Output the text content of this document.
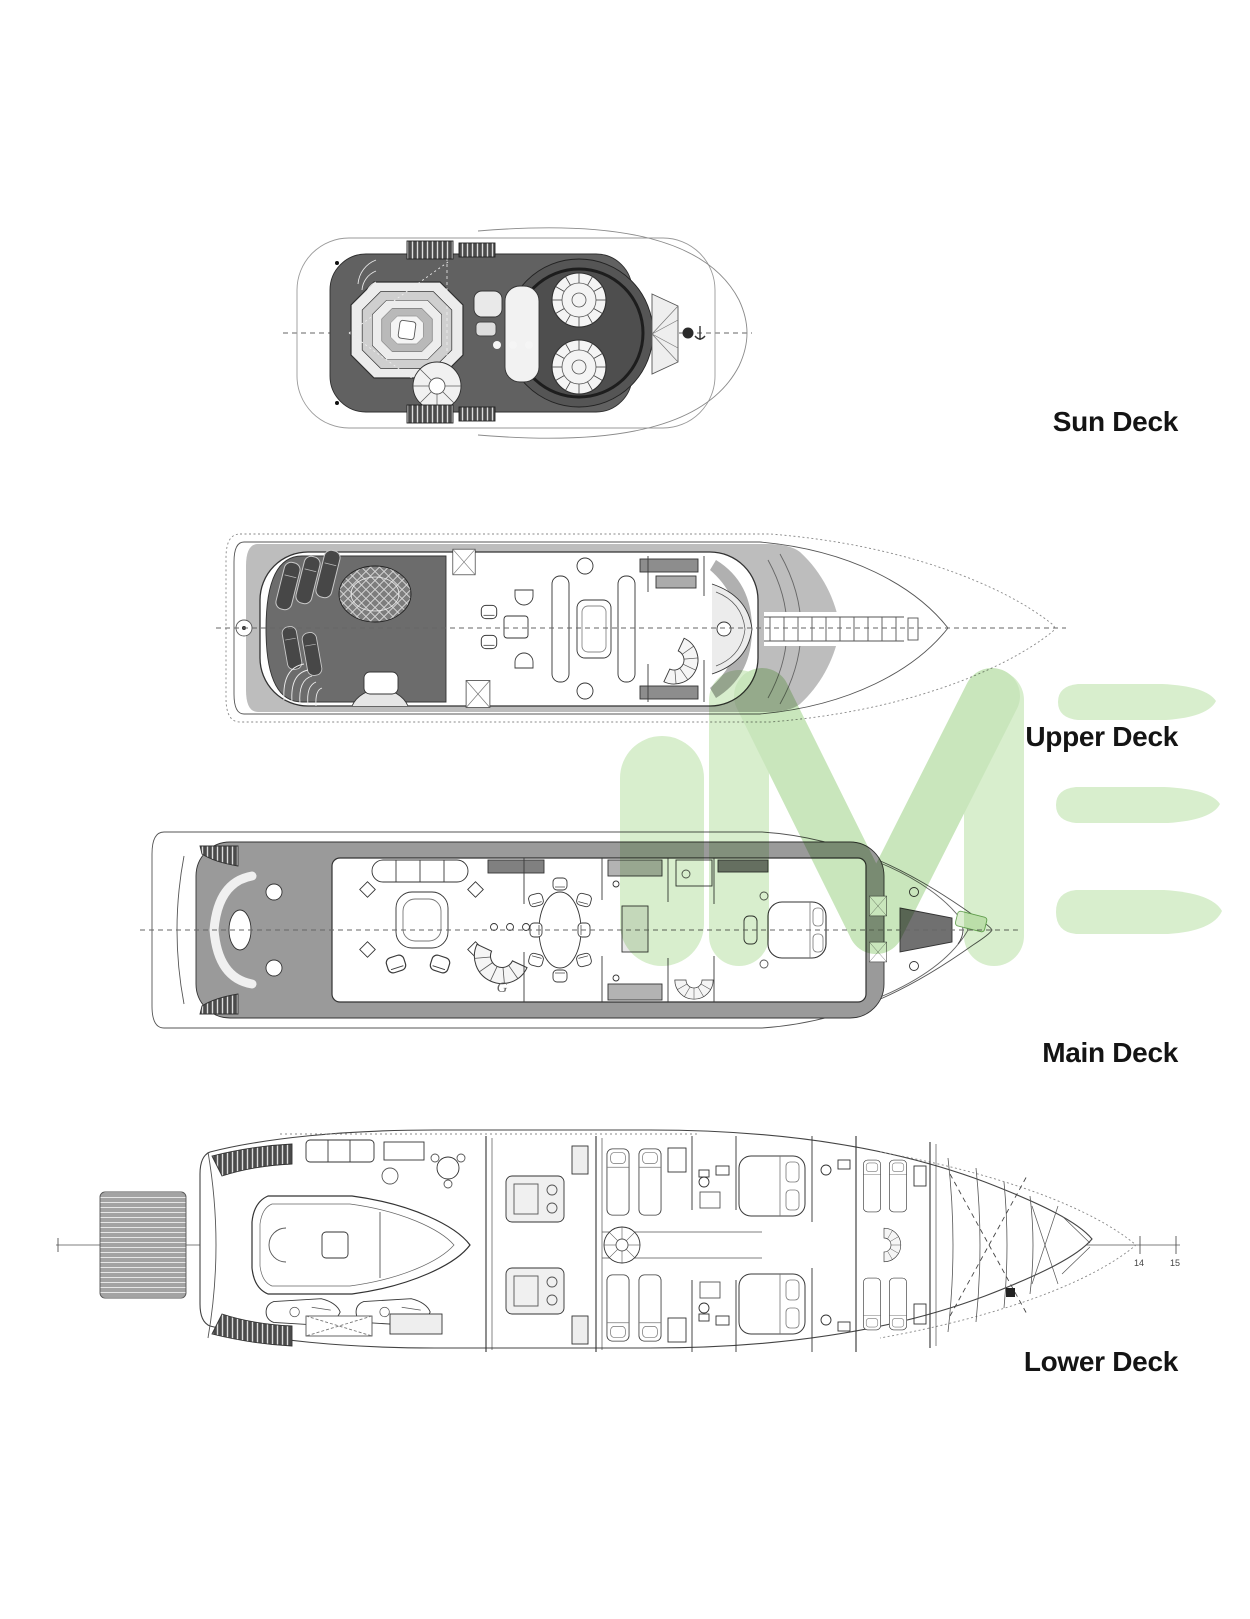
G
14	15
Sun Deck
Upper Deck
Main Deck
Lower Deck
